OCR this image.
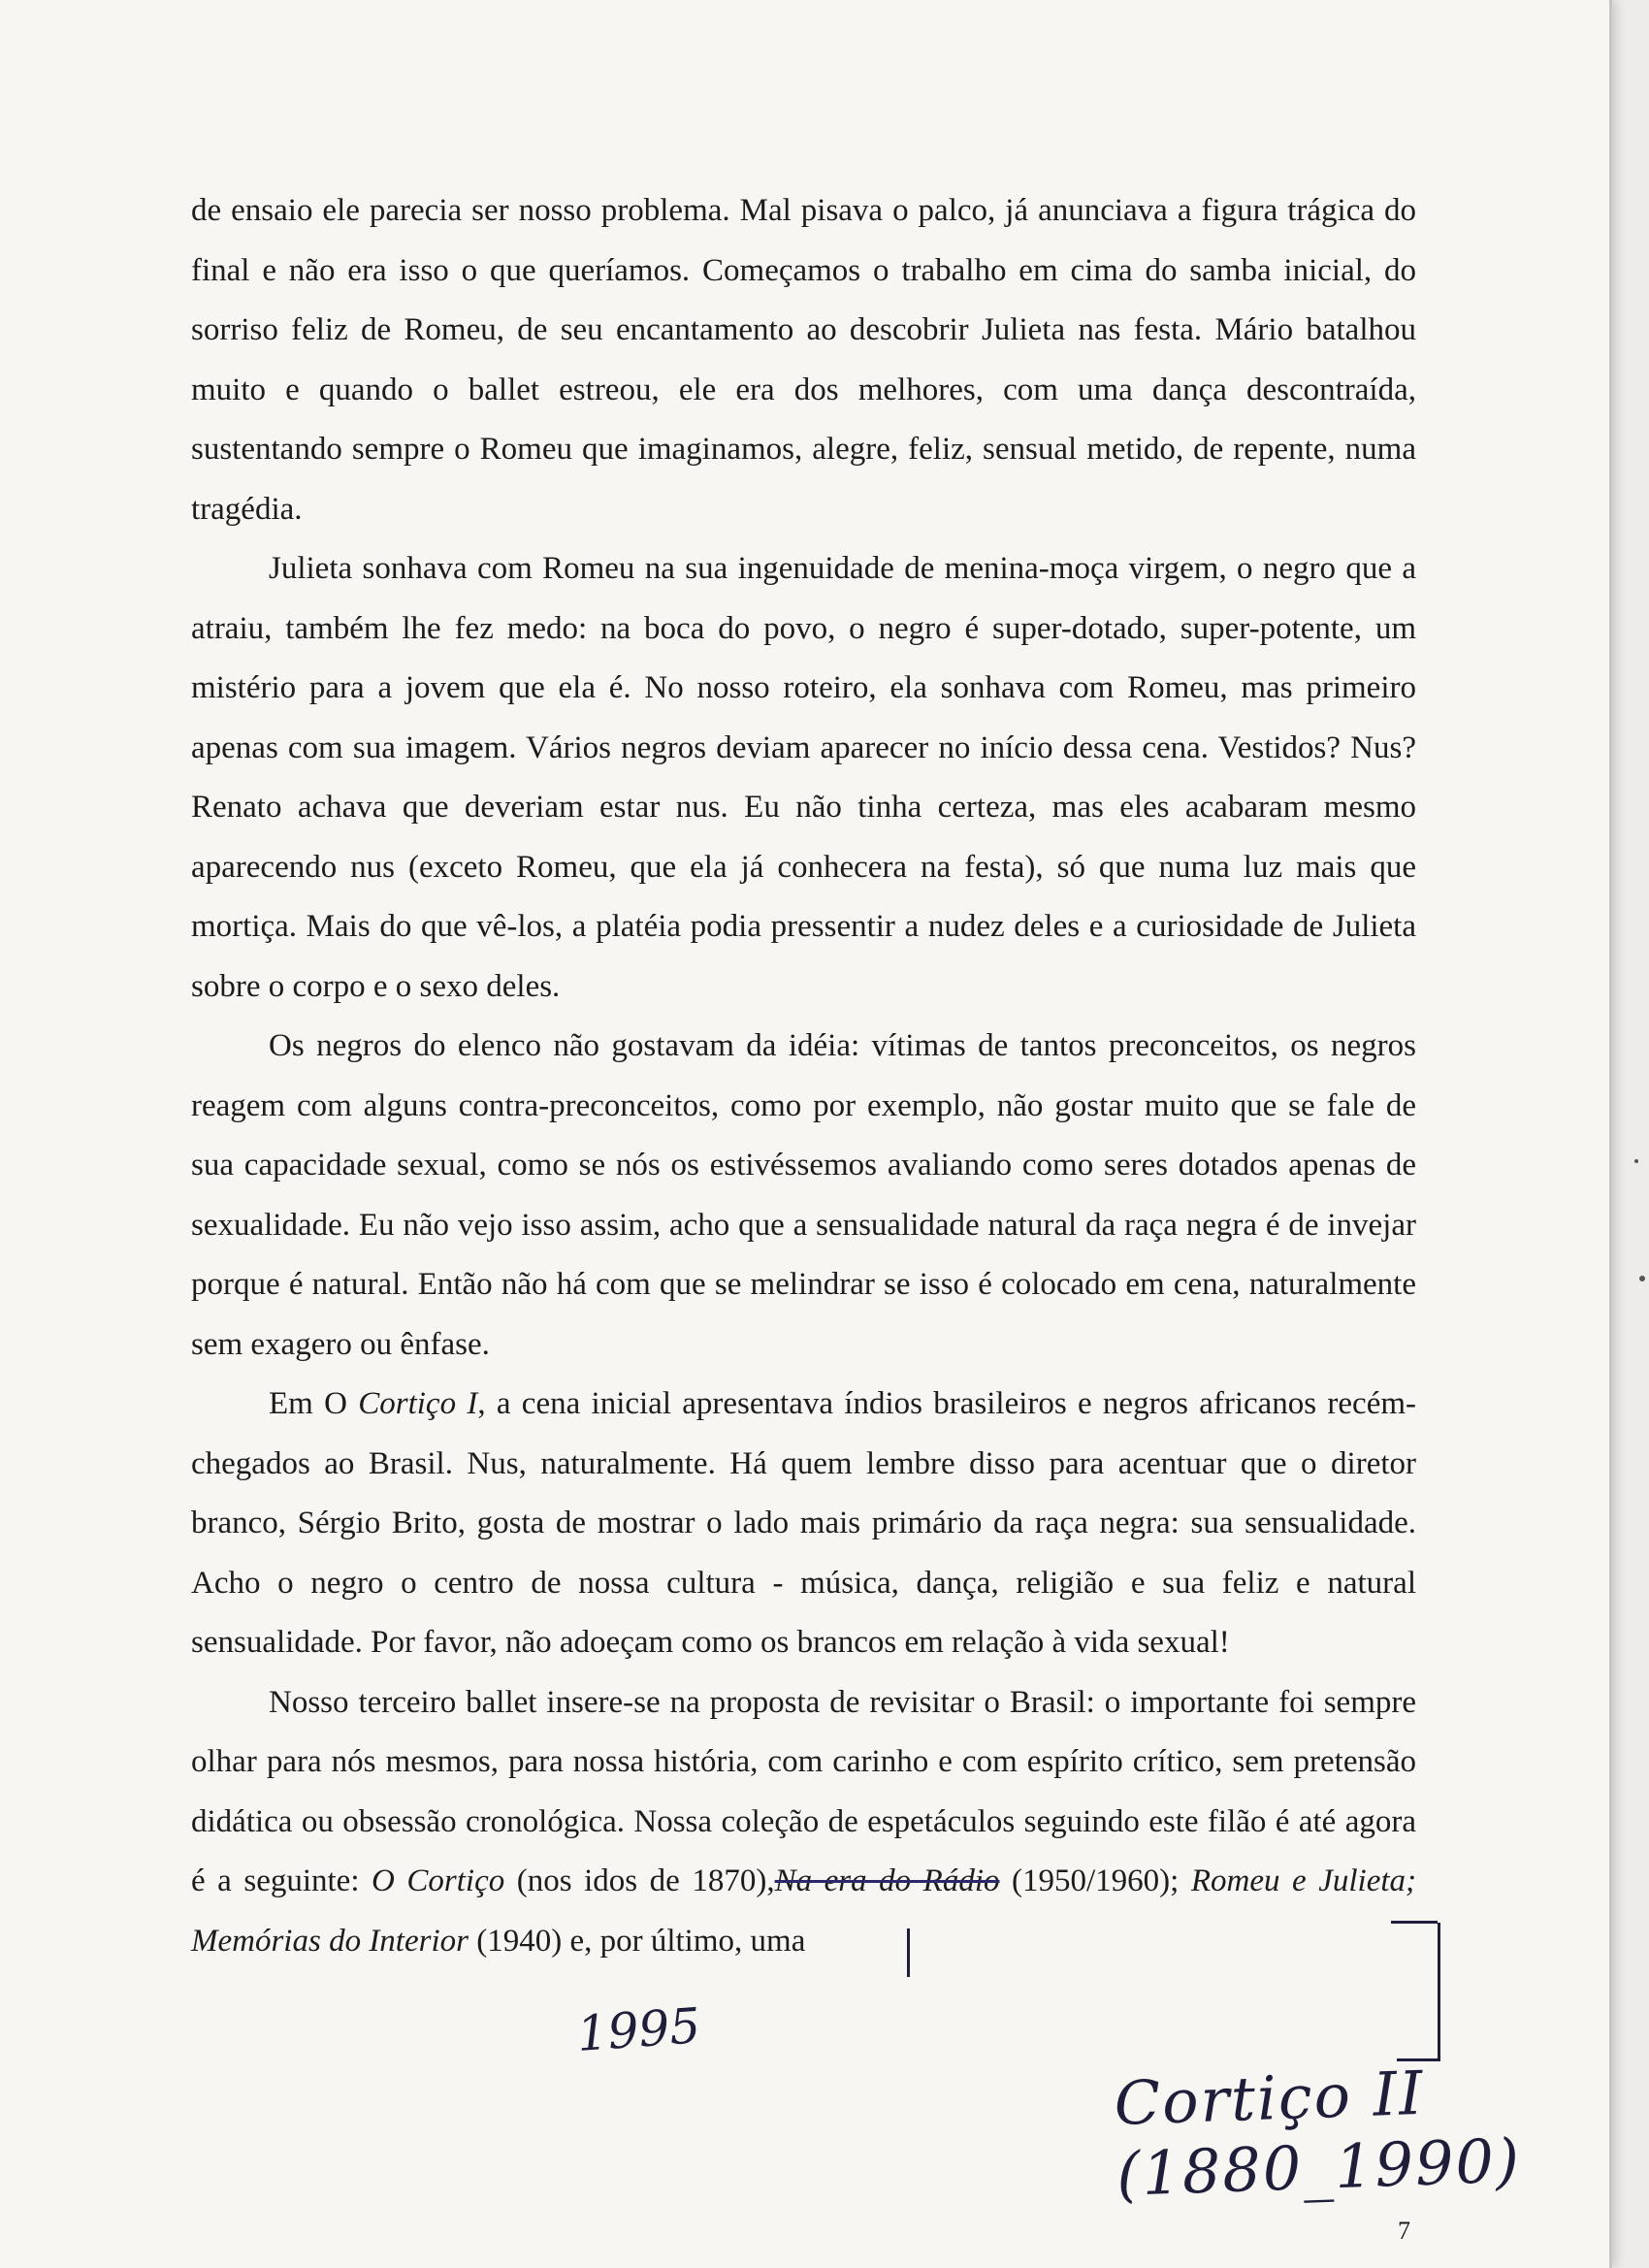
de ensaio ele parecia ser nosso problema. Mal pisava o palco, já anunciava a figura trágica do final e não era isso o que queríamos. Começamos o trabalho em cima do samba inicial, do sorriso feliz de Romeu, de seu encantamento ao descobrir Julieta nas festa. Mário batalhou muito e quando o ballet estreou, ele era dos melhores, com uma dança descontraída, sustentando sempre o Romeu que imaginamos, alegre, feliz, sensual metido, de repente, numa tragédia.

Julieta sonhava com Romeu na sua ingenuidade de menina-moça virgem, o negro que a atraiu, também lhe fez medo: na boca do povo, o negro é super-dotado, super-potente, um mistério para a jovem que ela é. No nosso roteiro, ela sonhava com Romeu, mas primeiro apenas com sua imagem. Vários negros deviam aparecer no início dessa cena. Vestidos? Nus? Renato achava que deveriam estar nus. Eu não tinha certeza, mas eles acabaram mesmo aparecendo nus (exceto Romeu, que ela já conhecera na festa), só que numa luz mais que mortiça. Mais do que vê-los, a platéia podia pressentir a nudez deles e a curiosidade de Julieta sobre o corpo e o sexo deles.

Os negros do elenco não gostavam da idéia: vítimas de tantos preconceitos, os negros reagem com alguns contra-preconceitos, como por exemplo, não gostar muito que se fale de sua capacidade sexual, como se nós os estivéssemos avaliando como seres dotados apenas de sexualidade. Eu não vejo isso assim, acho que a sensualidade natural da raça negra é de invejar porque é natural. Então não há com que se melindrar se isso é colocado em cena, naturalmente sem exagero ou ênfase.

Em O Cortiço I, a cena inicial apresentava índios brasileiros e negros africanos recém-chegados ao Brasil. Nus, naturalmente. Há quem lembre disso para acentuar que o diretor branco, Sérgio Brito, gosta de mostrar o lado mais primário da raça negra: sua sensualidade. Acho o negro o centro de nossa cultura - música, dança, religião e sua feliz e natural sensualidade. Por favor, não adoeçam como os brancos em relação à vida sexual!

Nosso terceiro ballet insere-se na proposta de revisitar o Brasil: o importante foi sempre olhar para nós mesmos, para nossa história, com carinho e com espírito crítico, sem pretensão didática ou obsessão cronológica. Nossa coleção de espetáculos seguindo este filão é até agora é a seguinte: O Cortiço (nos idos de 1870),Na era do Rádio (1950/1960); Romeu e Julieta; Memórias do Interior (1940) e, por último, uma

1995
Cortiço II (1880_1990)
7
